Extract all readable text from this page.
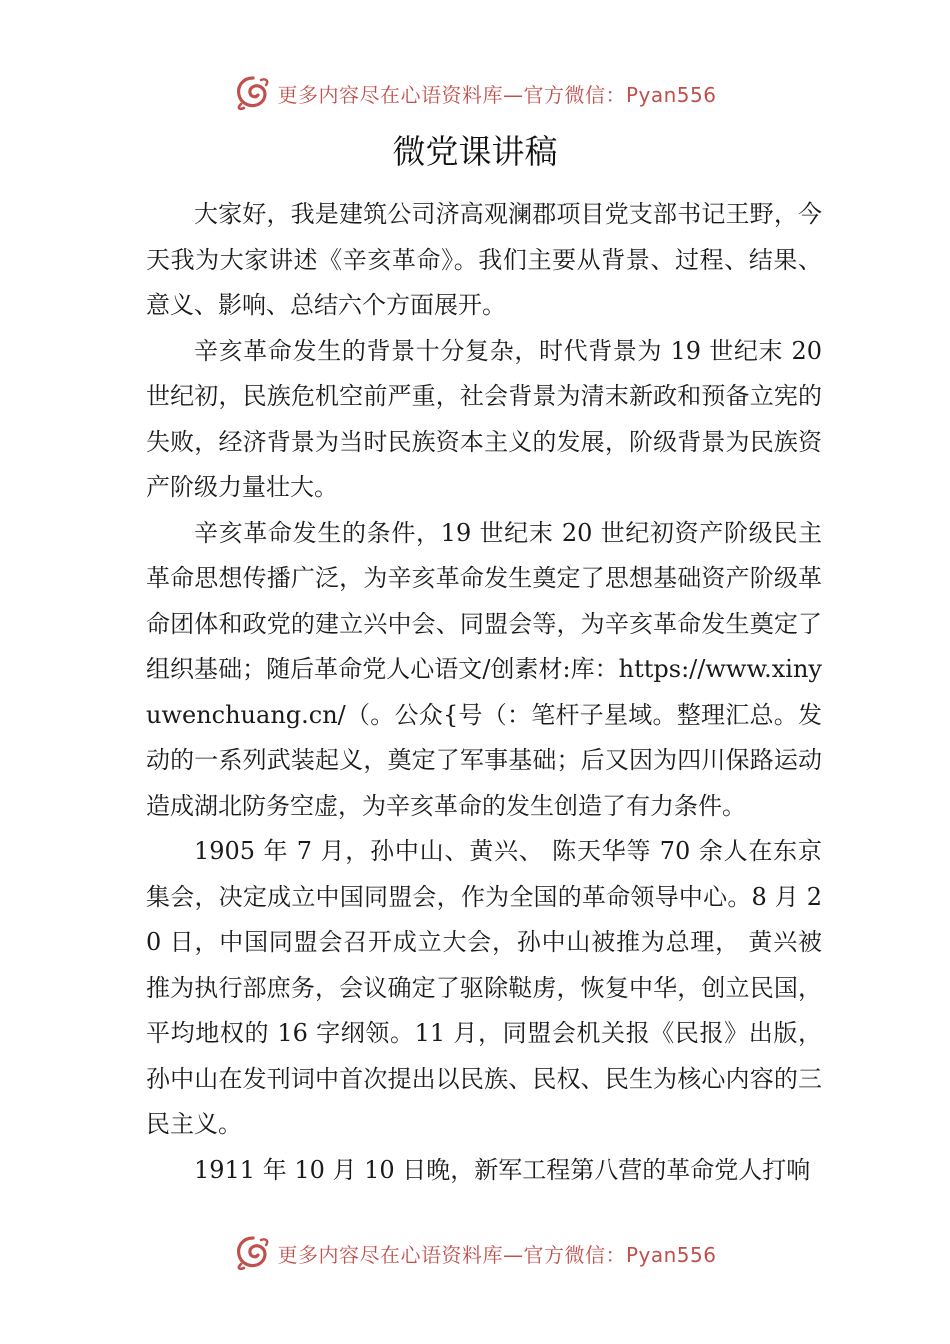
更多内容尽在心语资料库—官方微信：Pyan556
微党课讲稿

大家好，我是建筑公司济高观澜郡项目党支部书记王野，今天我为大家讲述《辛亥革命》。我们主要从背景、过程、结果、意义、影响、总结六个方面展开。

辛亥革命发生的背景十分复杂，时代背景为 19 世纪末 20 世纪初，民族危机空前严重，社会背景为清末新政和预备立宪的失败，经济背景为当时民族资本主义的发展，阶级背景为民族资产阶级力量壮大。

辛亥革命发生的条件，19 世纪末 20 世纪初资产阶级民主革命思想传播广泛，为辛亥革命发生奠定了思想基础资产阶级革命团体和政党的建立兴中会、同盟会等，为辛亥革命发生奠定了组织基础；随后革命党人心语文/创素材:库：https://www.xinyuwenchuang.cn/（。公众{号（：笔杆子星域。整理汇总。发动的一系列武装起义，奠定了军事基础；后又因为四川保路运动造成湖北防务空虚，为辛亥革命的发生创造了有力条件。

1905 年 7 月，孙中山、黄兴、 陈天华等 70 余人在东京集会，决定成立中国同盟会，作为全国的革命领导中心。8 月 20 日，中国同盟会召开成立大会，孙中山被推为总理， 黄兴被推为执行部庶务，会议确定了驱除鞑虏，恢复中华，创立民国，平均地权的 16 字纲领。11 月，同盟会机关报《民报》出版，孙中山在发刊词中首次提出以民族、民权、民生为核心内容的三民主义。

1911 年 10 月 10 日晚，新军工程第八营的革命党人打响

更多内容尽在心语资料库—官方微信：Pyan556
